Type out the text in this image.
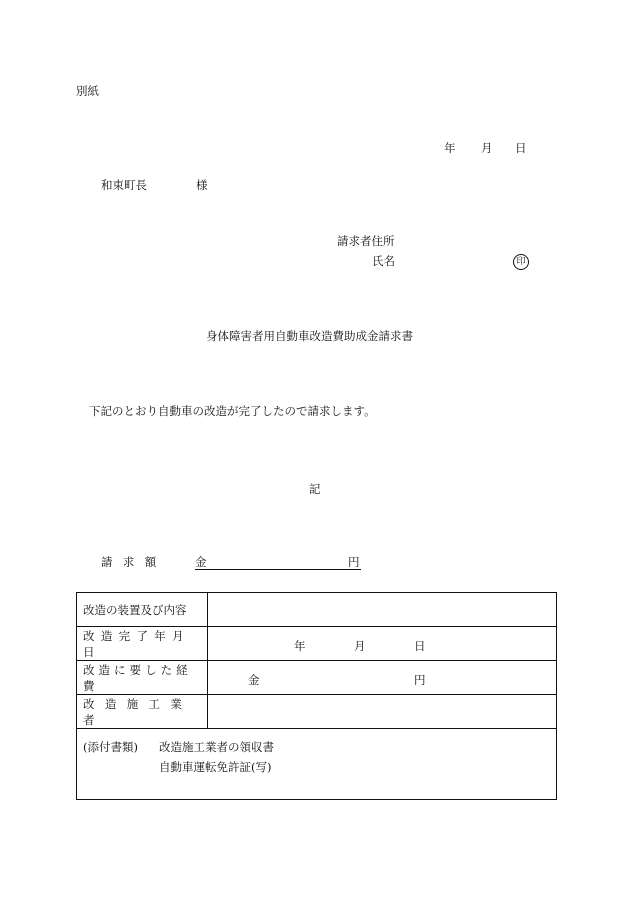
別紙
年 月 日
和束町長	様
請求者住所
氏名	印
身体障害者用自動車改造費助成金請求書
下記のとおり自動車の改造が完了したので請求します。
記
請求額 金	円
改造の装置及び内容	
改造完了年月日	年 月 日

改造に要した経費	金 円

改造施工業者	

(添付書類) 改造施工業者の領収書
自動車運転免許証(写)	
